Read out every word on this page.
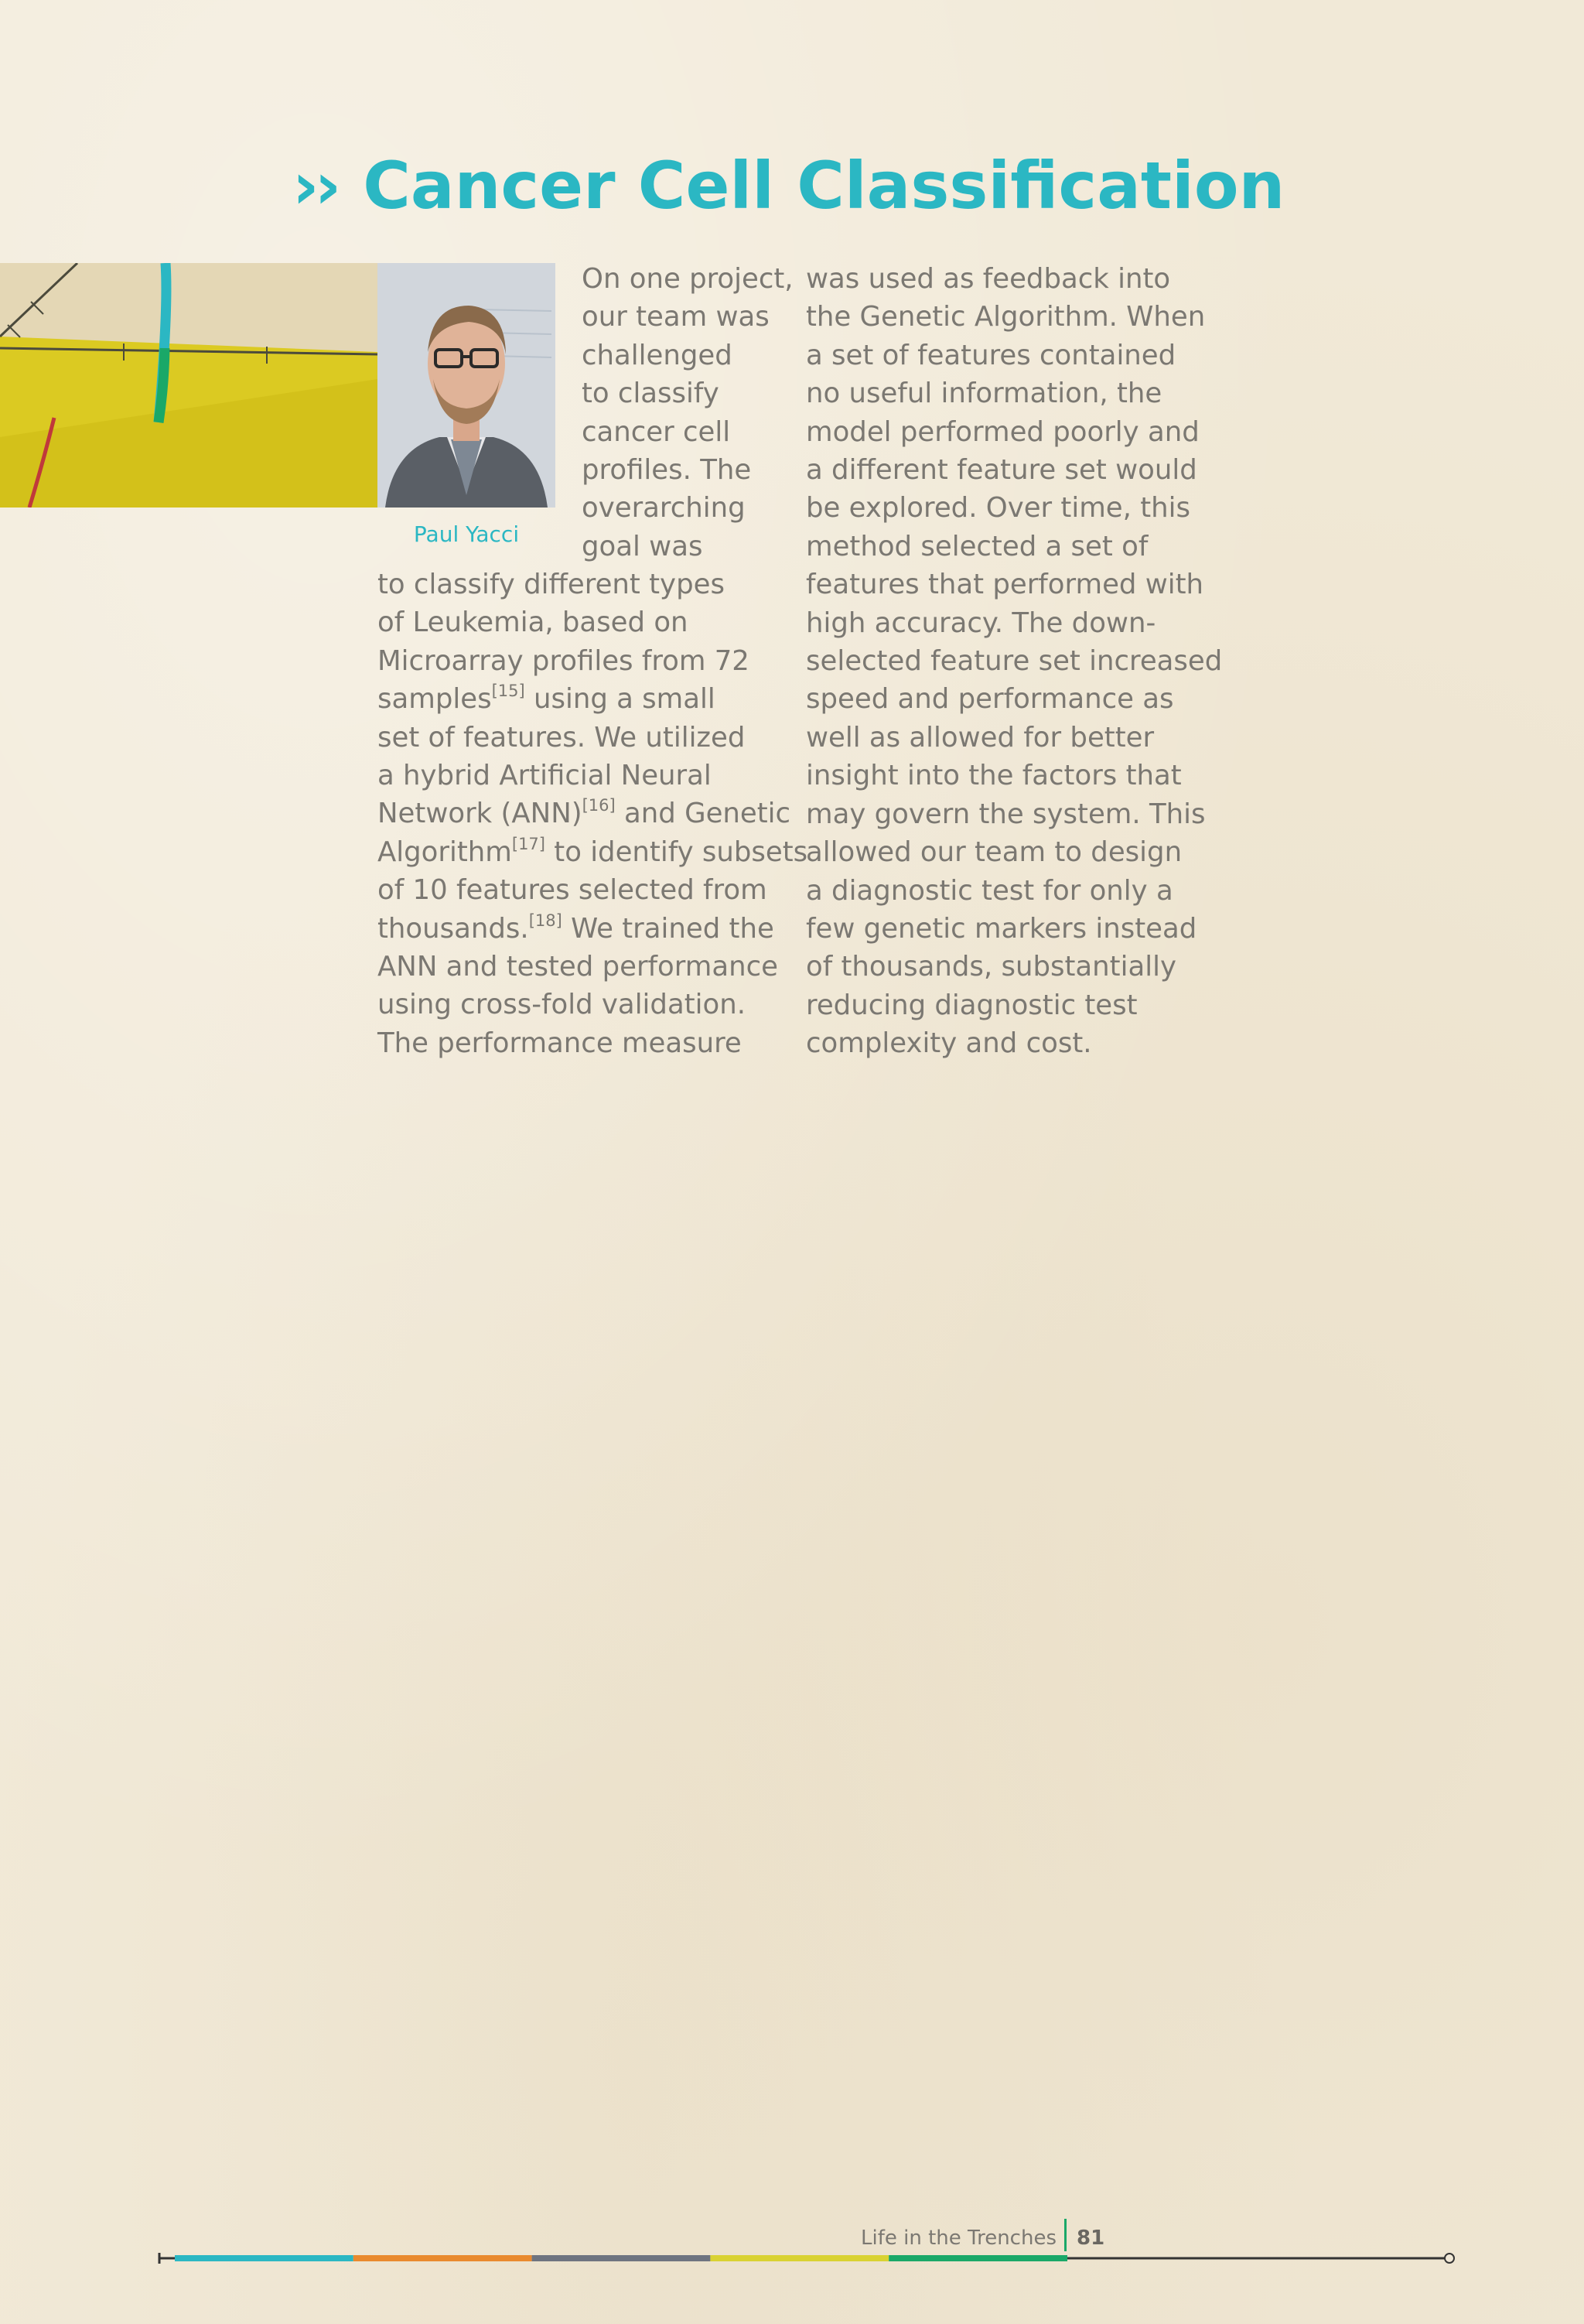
›› Cancer Cell Classification
Paul Yacci
On one project,
our team was
challenged
to classify
cancer cell
profiles. The
overarching
goal was
to classify different types
of Leukemia, based on
Microarray profiles from 72
samples[15] using a small
set of features. We utilized
a hybrid Artificial Neural
Network (ANN)[16] and Genetic
Algorithm[17] to identify subsets
of 10 features selected from
thousands.[18] We trained the
ANN and tested performance
using cross-fold validation.
The performance measure
was used as feedback into
the Genetic Algorithm. When
a set of features contained
no useful information, the
model performed poorly and
a different feature set would
be explored. Over time, this
method selected a set of
features that performed with
high accuracy. The down-
selected feature set increased
speed and performance as
well as allowed for better
insight into the factors that
may govern the system. This
allowed our team to design
a diagnostic test for only a
few genetic markers instead
of thousands, substantially
reducing diagnostic test
complexity and cost.
Life in the Trenches 81
